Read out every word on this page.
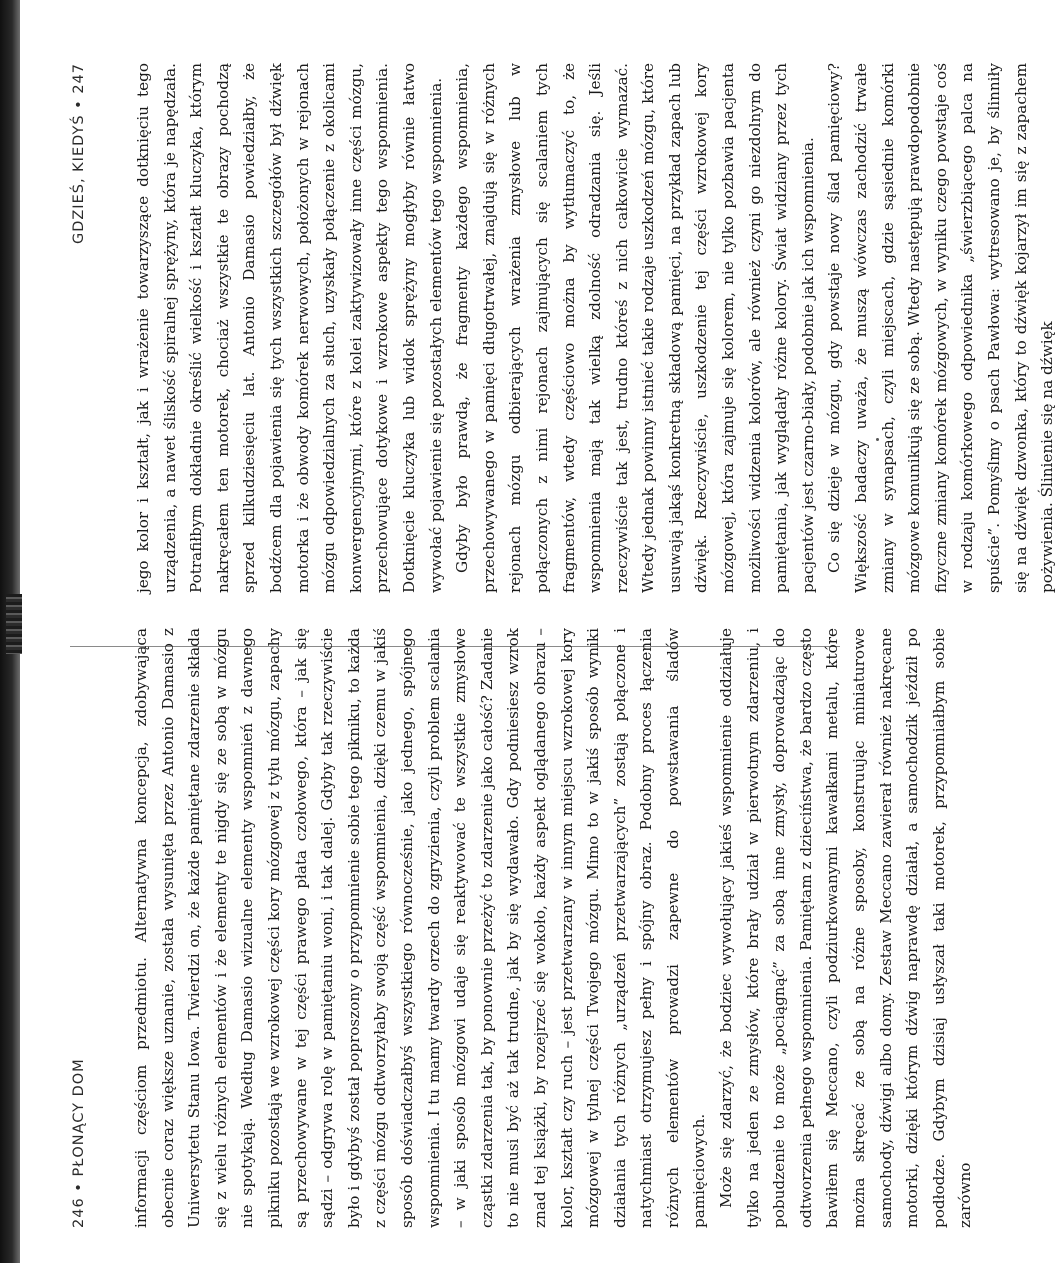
246 • PŁONĄCY DOM	informacji częściom przedmiotu. Alternatywna koncepcja, zdobywająca obecnie coraz większe uznanie, została wysunięta przez Antonio Damasio z Uniwersytetu Stanu Iowa. Twierdzi on, że każde pamiętane zdarzenie składa się z wielu różnych elementów i że elementy te nigdy się ze sobą w mózgu nie spotykają. Według Damasio wizualne elementy wspomnień z dawnego pikniku pozostają we wzrokowej części kory mózgowej z tyłu mózgu, zapachy są przechowywane w tej części prawego płata czołowego, która – jak się sądzi – odgrywa rolę w pamiętaniu woni, i tak dalej. Gdyby tak rzeczywiście było i gdybyś został poproszony o przypomnienie sobie tego pikniku, to każda z części mózgu odtworzyłaby swoją część wspomnienia, dzięki czemu w jakiś sposób doświadczałbyś wszystkiego równocześnie, jako jednego, spójnego wspomnienia. I tu mamy twardy orzech do zgryzienia, czyli problem scalania – w jaki sposób mózgowi udaje się reaktywować te wszystkie zmysłowe cząstki zdarzenia tak, by ponownie przeżyć to zdarzenie jako całość? Zadanie to nie musi być aż tak trudne, jak by się wydawało. Gdy podniesiesz wzrok znad tej książki, by rozejrzeć się wokoło, każdy aspekt oglądanego obrazu – kolor, kształt czy ruch – jest przetwarzany w innym miejscu wzrokowej kory mózgowej w tylnej części Twojego mózgu. Mimo to w jakiś sposób wyniki działania tych różnych „urządzeń przetwarzających” zostają połączone i natychmiast otrzymujesz pełny i spójny obraz. Podobny proces łączenia różnych elementów prowadzi zapewne do powstawania śladów pamięciowych. Może się zdarzyć, że bodziec wywołujący jakieś wspomnienie oddziałuje tylko na jeden ze zmysłów, które brały udział w pierwotnym zdarzeniu, i pobudzenie to może „pociągnąć” za sobą inne zmysły, doprowadzając do odtworzenia pełnego wspomnienia. Pamiętam z dzieciństwa, że bardzo często bawiłem się Meccano, czyli podziurkowanymi kawałkami metalu, które można skręcać ze sobą na różne sposoby, konstruując miniaturowe samochody, dźwigi albo domy. Zestaw Meccano zawierał również nakręcane motorki, dzięki którym dźwig naprawdę działał, a samochodzik jeździł po podłodze. Gdybym dzisiaj usłyszał taki motorek, przypomniałbym sobie zarówno

GDZIEŚ, KIEDYŚ • 247	jego kolor i kształt, jak i wrażenie towarzyszące dotknięciu tego urządzenia, a nawet śliskość spiralnej sprężyny, która je napędzała. Potrafiłbym dokładnie określić wielkość i kształt kluczyka, którym nakręcałem ten motorek, chociaż wszystkie te obrazy pochodzą sprzed kilkudziesięciu lat. Antonio Damasio powiedziałby, że bodźcem dla pojawienia się tych wszystkich szczegółów był dźwięk motorka i że obwody komórek nerwowych, położonych w rejonach mózgu odpowiedzialnych za słuch, uzyskały połączenie z okolicami konwergencyjnymi, które z kolei zaktywizowały inne części mózgu, przechowujące dotykowe i wzrokowe aspekty tego wspomnienia. Dotknięcie kluczyka lub widok sprężyny mogłyby równie łatwo wywołać pojawienie się pozostałych elementów tego wspomnienia. Gdyby było prawdą, że fragmenty każdego wspomnienia, przechowywanego w pamięci długotrwałej, znajdują się w różnych rejonach mózgu odbierających wrażenia zmysłowe lub w połączonych z nimi rejonach zajmujących się scalaniem tych fragmentów, wtedy częściowo można by wytłumaczyć to, że wspomnienia mają tak wielką zdolność odradzania się. Jeśli rzeczywiście tak jest, trudno któreś z nich całkowicie wymazać. Wtedy jednak powinny istnieć takie rodzaje uszkodzeń mózgu, które usuwają jakąś konkretną składową pamięci, na przykład zapach lub dźwięk. Rzeczywiście, uszkodzenie tej części wzrokowej kory mózgowej, która zajmuje się kolorem, nie tylko pozbawia pacjenta możliwości widzenia kolorów, ale również czyni go niezdolnym do pamiętania, jak wyglądały różne kolory. Świat widziany przez tych pacjentów jest czarno-biały, podobnie jak ich wspomnienia. Co się dzieje w mózgu, gdy powstaje nowy ślad pamięciowy? Większość badaczy uważa, że muszą wówczas zachodzić trwałe zmiany w synapsach, czyli miejscach, gdzie sąsiednie komórki mózgowe komunikują się ze sobą. Wtedy następują prawdopodobnie fizyczne zmiany komórek mózgowych, w wyniku czego powstaje coś w rodzaju komórkowego odpowiednika „świerzbiącego palca na spuście”. Pomyślmy o psach Pawłowa: wytresowano je, by ślinniły się na dźwięk dzwonka, który to dźwięk kojarzył im się z zapachem pożywienia. Ślinienie się na dźwięk
